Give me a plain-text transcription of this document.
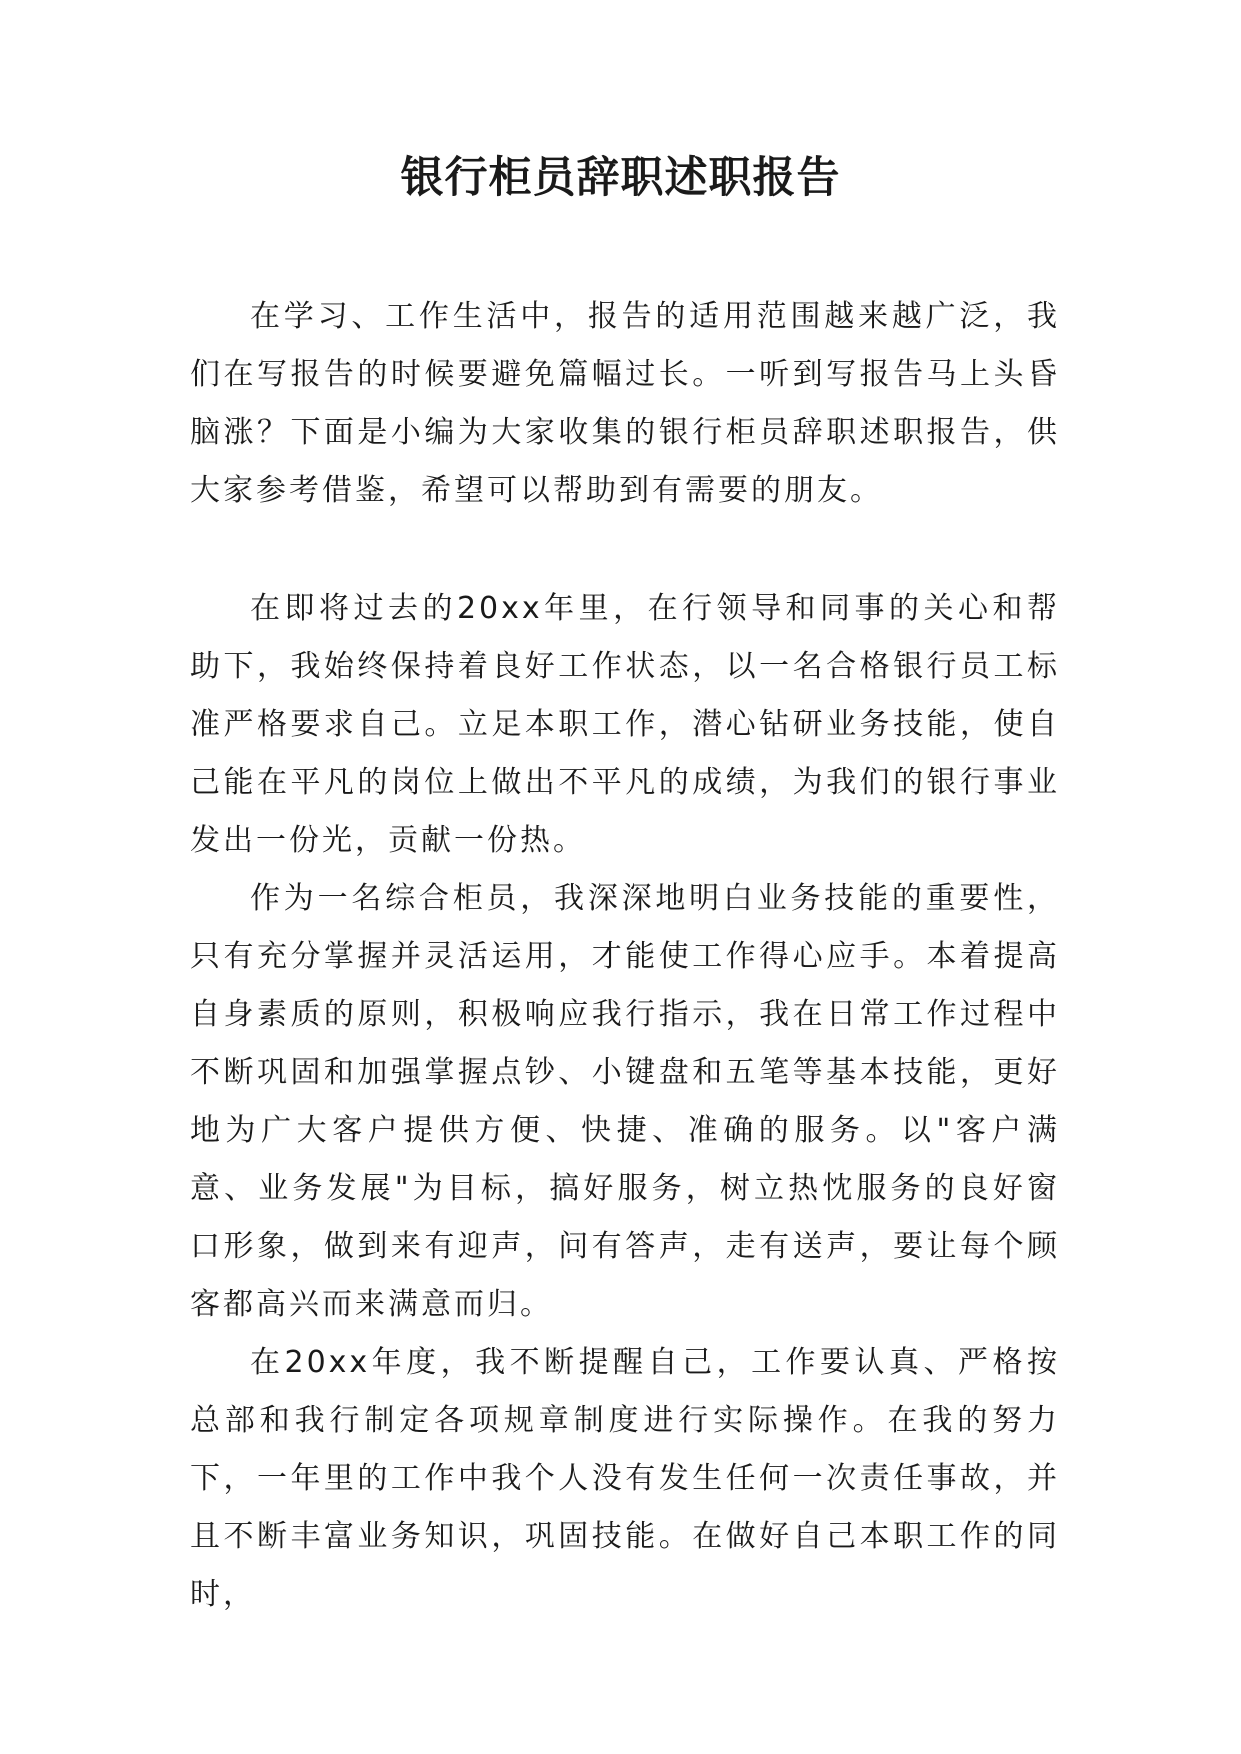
银行柜员辞职述职报告

在学习、工作生活中，报告的适用范围越来越广泛，我们在写报告的时候要避免篇幅过长。一听到写报告马上头昏脑涨？下面是小编为大家收集的银行柜员辞职述职报告，供大家参考借鉴，希望可以帮助到有需要的朋友。

在即将过去的20xx年里，在行领导和同事的关心和帮助下，我始终保持着良好工作状态，以一名合格银行员工标准严格要求自己。立足本职工作，潜心钻研业务技能，使自己能在平凡的岗位上做出不平凡的成绩，为我们的银行事业发出一份光，贡献一份热。

作为一名综合柜员，我深深地明白业务技能的重要性，只有充分掌握并灵活运用，才能使工作得心应手。本着提高自身素质的原则，积极响应我行指示，我在日常工作过程中不断巩固和加强掌握点钞、小键盘和五笔等基本技能，更好地为广大客户提供方便、快捷、准确的服务。以"客户满意、业务发展"为目标，搞好服务，树立热忱服务的良好窗口形象，做到来有迎声，问有答声，走有送声，要让每个顾客都高兴而来满意而归。

在20xx年度，我不断提醒自己，工作要认真、严格按总部和我行制定各项规章制度进行实际操作。在我的努力下，一年里的工作中我个人没有发生任何一次责任事故，并且不断丰富业务知识，巩固技能。在做好自己本职工作的同时，
